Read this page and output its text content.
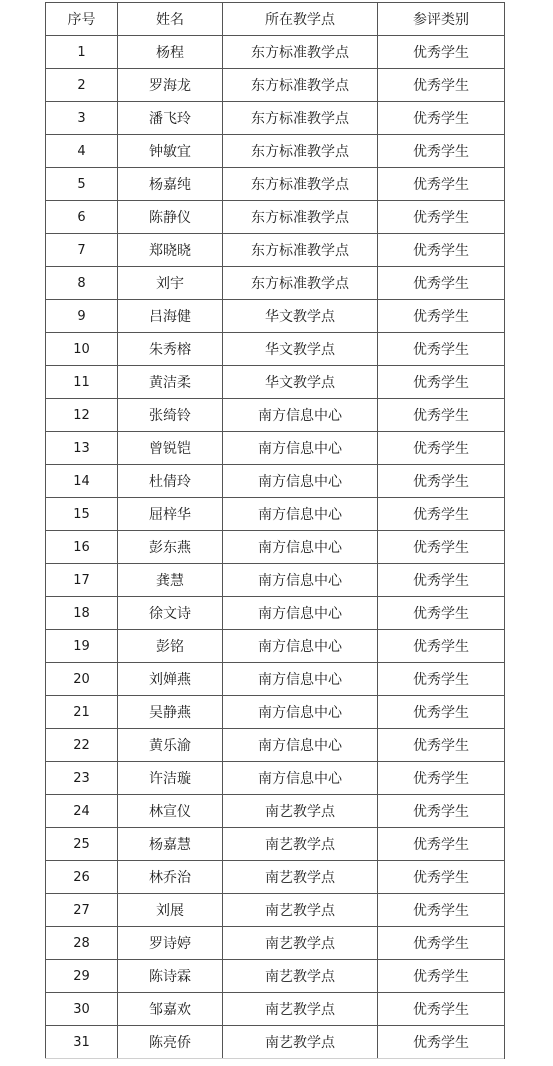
序号	姓名	所在教学点	参评类别
1	杨程	东方标准教学点	优秀学生
2	罗海龙	东方标准教学点	优秀学生
3	潘飞玲	东方标准教学点	优秀学生
4	钟敏宜	东方标准教学点	优秀学生
5	杨嘉纯	东方标准教学点	优秀学生
6	陈静仪	东方标准教学点	优秀学生
7	郑晓晓	东方标准教学点	优秀学生
8	刘宇	东方标准教学点	优秀学生
9	吕海健	华文教学点	优秀学生
10	朱秀榕	华文教学点	优秀学生
11	黄洁柔	华文教学点	优秀学生
12	张绮铃	南方信息中心	优秀学生
13	曾锐铠	南方信息中心	优秀学生
14	杜倩玲	南方信息中心	优秀学生
15	屈梓华	南方信息中心	优秀学生
16	彭东燕	南方信息中心	优秀学生
17	龚慧	南方信息中心	优秀学生
18	徐文诗	南方信息中心	优秀学生
19	彭铭	南方信息中心	优秀学生
20	刘婵燕	南方信息中心	优秀学生
21	吴静燕	南方信息中心	优秀学生
22	黄乐渝	南方信息中心	优秀学生
23	许洁璇	南方信息中心	优秀学生
24	林宣仪	南艺教学点	优秀学生
25	杨嘉慧	南艺教学点	优秀学生
26	林乔治	南艺教学点	优秀学生
27	刘展	南艺教学点	优秀学生
28	罗诗婷	南艺教学点	优秀学生
29	陈诗霖	南艺教学点	优秀学生
30	邹嘉欢	南艺教学点	优秀学生
31	陈亮侨	南艺教学点	优秀学生
